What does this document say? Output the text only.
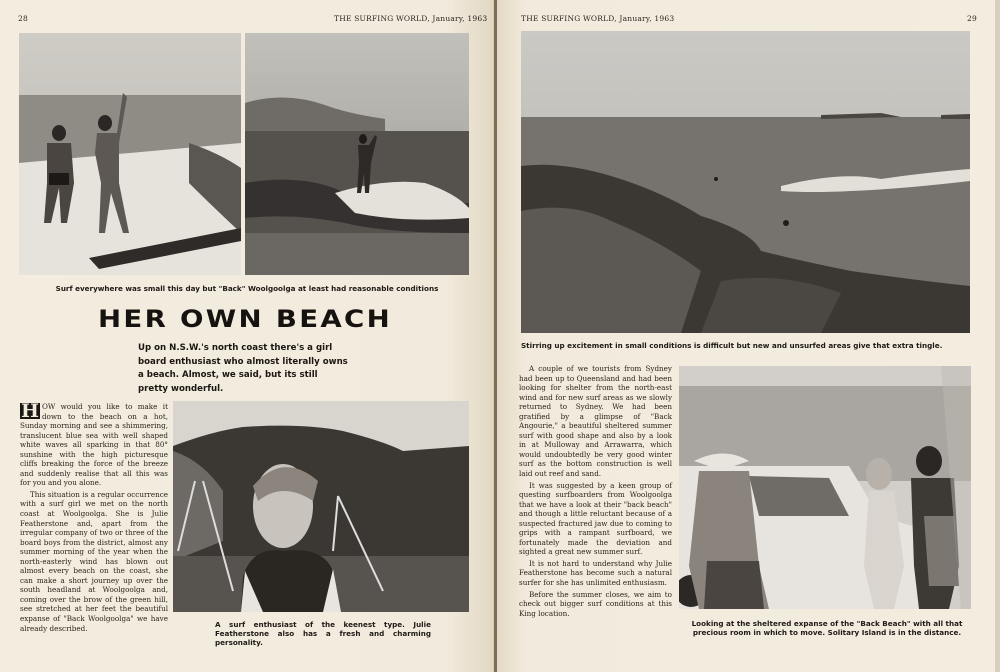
28	THE SURFING WORLD, January, 1963
Surf everywhere was small this day but "Back" Woolgoolga at least had reasonable conditions
HER OWN BEACH
Up on N.S.W.'s north coast there's a girl board enthusiast who almost literally owns a beach. Almost, we said, but its still pretty wonderful.

H OW would you like to make it down to the beach on a hot, Sunday morning and see a shimmering, translucent blue sea with well shaped white waves all sparking in that 80° sunshine with the high picturesque cliffs breaking the force of the breeze and suddenly realise that all this was for you and you alone.

This situation is a regular occurrence with a surf girl we met on the north coast at Woolgoolga. She is Julie Featherstone and, apart from the irregular company of two or three of the board boys from the district, almost any summer morning of the year when the north-easterly wind has blown out almost every beach on the coast, she can make a short journey up over the south headland at Woolgoolga and, coming over the brow of the green hill, see stretched at her feet the beautiful expanse of "Back Woolgoolga" we have already described.	A surf enthusiast of the keenest type. Julie Featherstone also has a fresh and charming personality.
THE SURFING WORLD, January, 1963	29
Stirring up excitement in small conditions is difficult but new and unsurfed areas give that extra tingle.

A couple of we tourists from Sydney had been up to Queensland and had been looking for shelter from the north-east wind and for new surf areas as we slowly returned to Sydney. We had been gratified by a glimpse of "Back Angourie," a beautiful sheltered summer surf with good shape and also by a look in at Mulloway and Arrawarra, which would undoubtedly be very good winter surf as the bottom construction is well laid out reef and sand.

It was suggested by a keen group of questing surfboarders from Woolgoolga that we have a look at their "back beach" and though a little reluctant because of a suspected fractured jaw due to coming to grips with a rampant surfboard, we fortunately made the deviation and sighted a great new summer surf.

It is not hard to understand why Julie Featherstone has become such a natural surfer for she has unlimited enthusiasm.

Before the summer closes, we aim to check out bigger surf conditions at this King location.

Looking at the sheltered expanse of the "Back Beach" with all that precious room in which to move. Solitary Island is in the distance.
